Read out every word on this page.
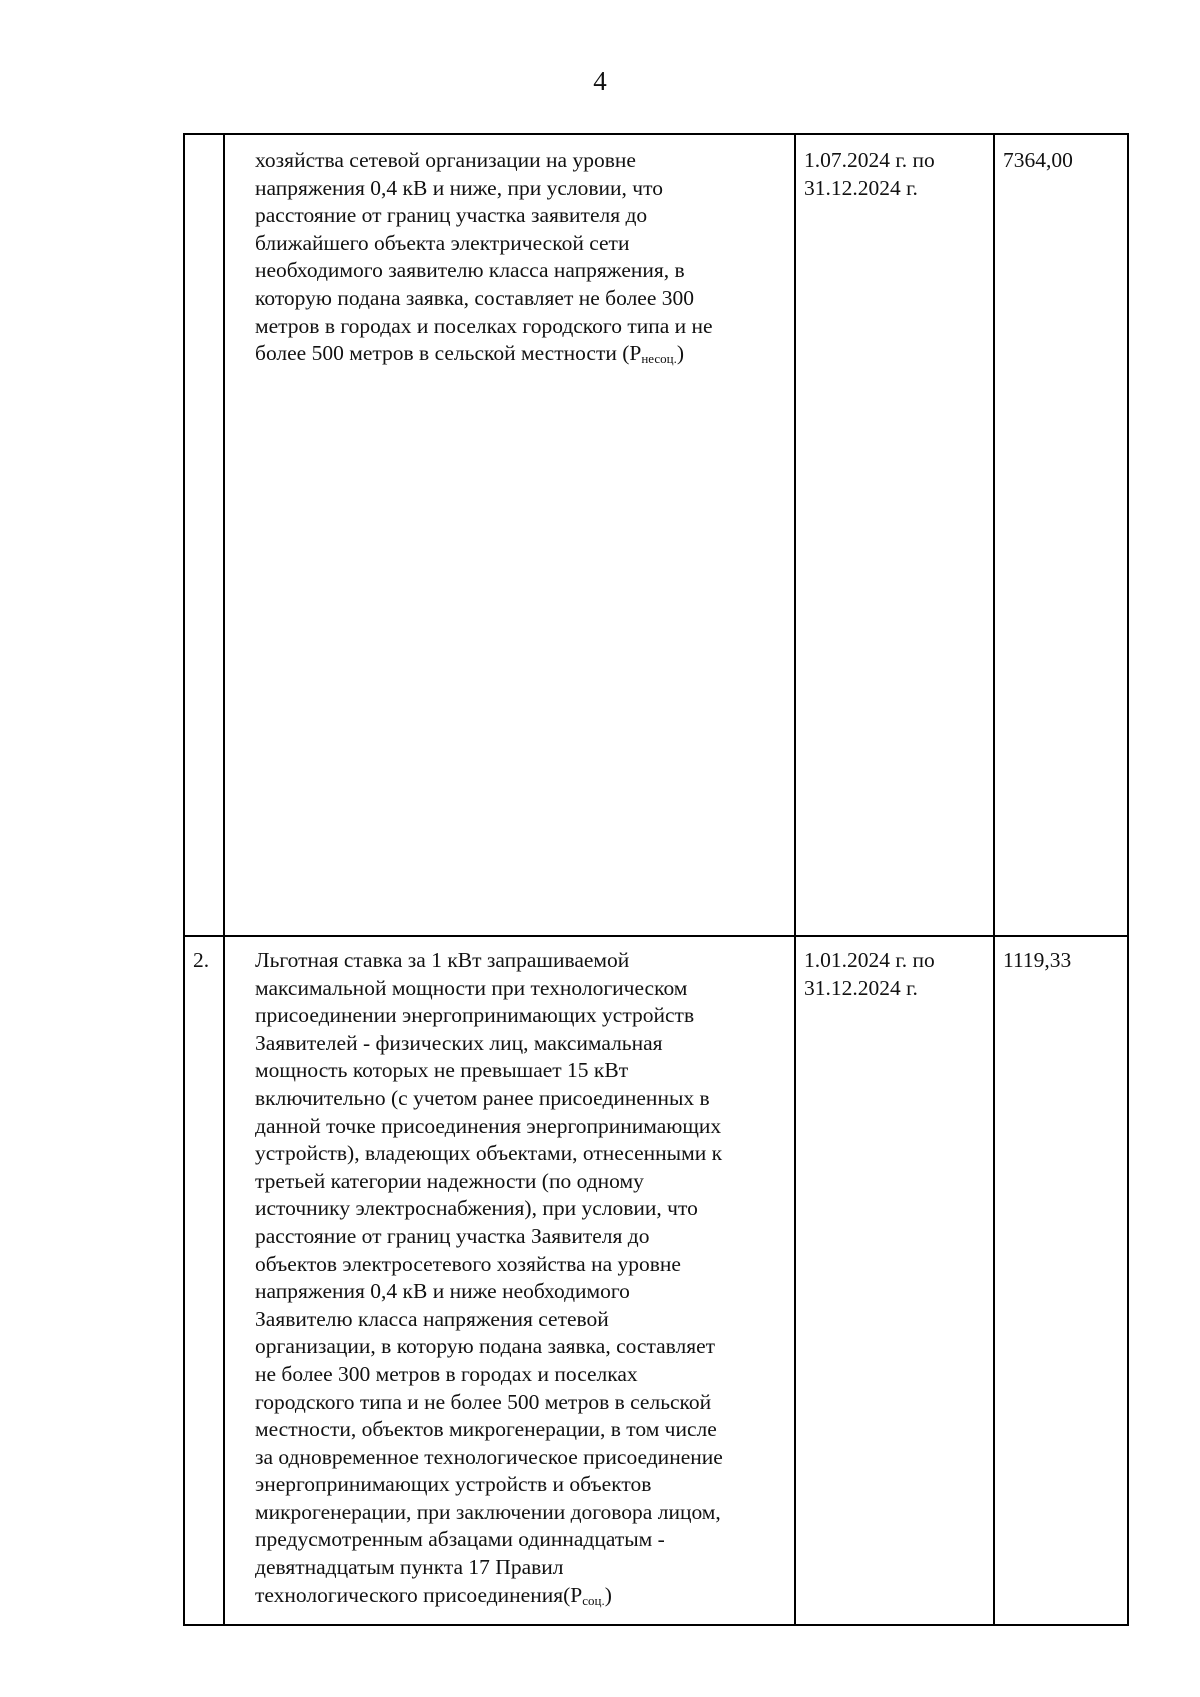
4
хозяйства сетевой организации на уровне
напряжения 0,4 кВ и ниже, при условии, что
расстояние от границ участка заявителя до
ближайшего объекта электрической сети
необходимого заявителю класса напряжения, в
которую подана заявка, составляет не более 300
метров в городах и поселках городского типа и не
более 500 метров в сельской местности $(Р_{несоц.})$
1.07.2024 г. по
31.12.2024 г.
7364,00
2.	Льготная ставка за 1 кВт запрашиваемой
максимальной мощности при технологическом
присоединении энергопринимающих устройств
Заявителей - физических лиц, максимальная
мощность которых не превышает 15 кВт
включительно (с учетом ранее присоединенных в
данной точке присоединения энергопринимающих
устройств), владеющих объектами, отнесенными к
третьей категории надежности (по одному
источнику электроснабжения), при условии, что
расстояние от границ участка Заявителя до
объектов электросетевого хозяйства на уровне
напряжения 0,4 кВ и ниже необходимого
Заявителю класса напряжения сетевой
организации, в которую подана заявка, составляет
не более 300 метров в городах и поселках
городского типа и не более 500 метров в сельской
местности, объектов микрогенерации, в том числе
за одновременное технологическое присоединение
энергопринимающих устройств и объектов
микрогенерации, при заключении договора лицом,
предусмотренным абзацами одиннадцатым -
девятнадцатым пункта 17 Правил
технологического $присоединения(Р_{соц.})$
1.01.2024 г. по
31.12.2024 г.
1119,33
